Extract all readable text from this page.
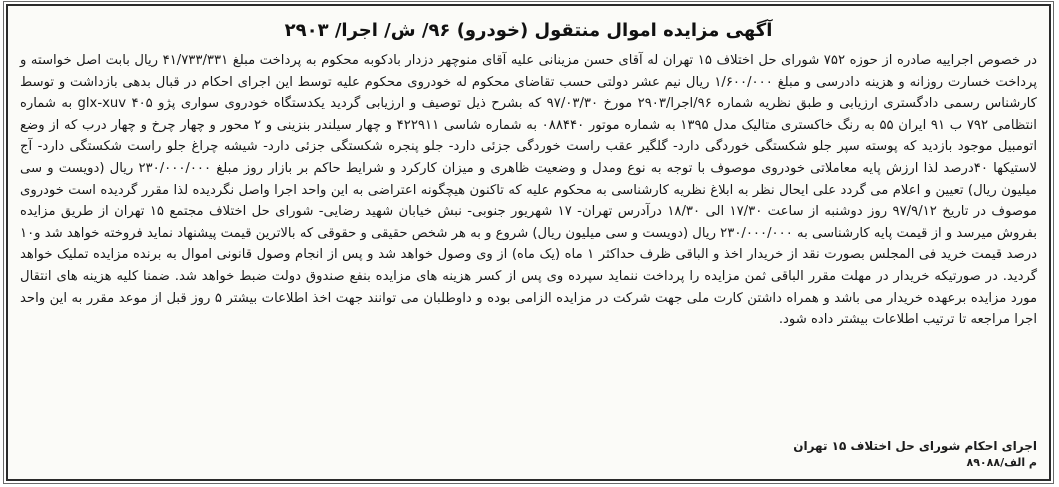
آگهی مزایده اموال منتقول (خودرو) ۹۶/ ش/ اجرا/ ۲۹۰۳

در خصوص اجراییه صادره از حوزه ۷۵۲ شورای حل اختلاف ۱۵ تهران له آقای حسن مزینانی علیه آقای منوچهر دزدار بادکوبه محکوم به پرداخت مبلغ ۴۱/۷۳۳/۳۳۱ ریال بابت اصل خواسته و پرداخت خسارت روزانه و هزینه دادرسی و مبلغ ۱/۶۰۰/۰۰۰ ریال نیم عشر دولتی حسب تقاضای محکوم له خودروی محکوم علیه توسط این اجرای احکام در قبال بدهی بازداشت و توسط کارشناس رسمی دادگستری ارزیابی و طبق نظریه شماره ۹۶/اجرا/۲۹۰۳ مورخ ۹۷/۰۳/۳۰ که بشرح ذیل توصیف و ارزیابی گردید یکدستگاه خودروی سواری پژو ۴۰۵ glx-xuv به شماره انتظامی ۷۹۲ ب ۹۱ ایران ۵۵ به رنگ خاکستری متالیک مدل ۱۳۹۵ به شماره موتور ۰۸۸۴۴۰ به شماره شاسی ۴۲۲۹۱۱ و چهار سیلندر بنزینی و ۲ محور و چهار چرخ و چهار درب که از وضع اتومبیل موجود بازدید که پوسته سپر جلو شکستگی خوردگی دارد- گلگیر عقب راست خوردگی جزئی دارد- جلو پنجره شکستگی جزئی دارد- شیشه چراغ جلو راست شکستگی دارد- آج لاستیکها ۴۰درصد لذا ارزش پایه معاملاتی خودروی موصوف با توجه به نوع ومدل و وضعیت ظاهری و میزان کارکرد و شرایط حاکم بر بازار روز مبلغ ۲۳۰/۰۰۰/۰۰۰ ریال (دویست و سی میلیون ریال) تعیین و اعلام می گردد علی ایحال نظر به ابلاغ نظریه کارشناسی به محکوم علیه که تاکنون هیچگونه اعتراضی به این واحد اجرا واصل نگردیده لذا مقرر گردیده است خودروی موصوف در تاریخ ۹۷/۹/۱۲ روز دوشنبه از ساعت ۱۷/۳۰ الی ۱۸/۳۰ درآدرس تهران- ۱۷ شهریور جنوبی- نبش خیابان شهید رضایی- شورای حل اختلاف مجتمع ۱۵ تهران از طریق مزایده بفروش میرسد و از قیمت پایه کارشناسی به ۲۳۰/۰۰۰/۰۰۰ ریال (دویست و سی میلیون ریال) شروع و به هر شخص حقیقی و حقوقی که بالاترین قیمت پیشنهاد نماید فروخته خواهد شد و۱۰ درصد قیمت خرید فی المجلس بصورت نقد از خریدار اخذ و الباقی ظرف حداکثر ۱ ماه (یک ماه) از وی وصول خواهد شد و پس از انجام وصول قانونی اموال به برنده مزایده تملیک خواهد گردید. در صورتیکه خریدار در مهلت مقرر الباقی ثمن مزایده را پرداخت ننماید سپرده وی پس از کسر هزینه های مزایده بنفع صندوق دولت ضبط خواهد شد. ضمنا کلیه هزینه های انتقال مورد مزایده برعهده خریدار می باشد و همراه داشتن کارت ملی جهت شرکت در مزایده الزامی بوده و داوطلبان می توانند جهت اخذ اطلاعات بیشتر ۵ روز قبل از موعد مقرر به این واحد اجرا مراجعه تا ترتیب اطلاعات بیشتر داده شود.

اجرای احکام شورای حل اختلاف ۱۵ تهران
۸۹۰۸۸/م الف
